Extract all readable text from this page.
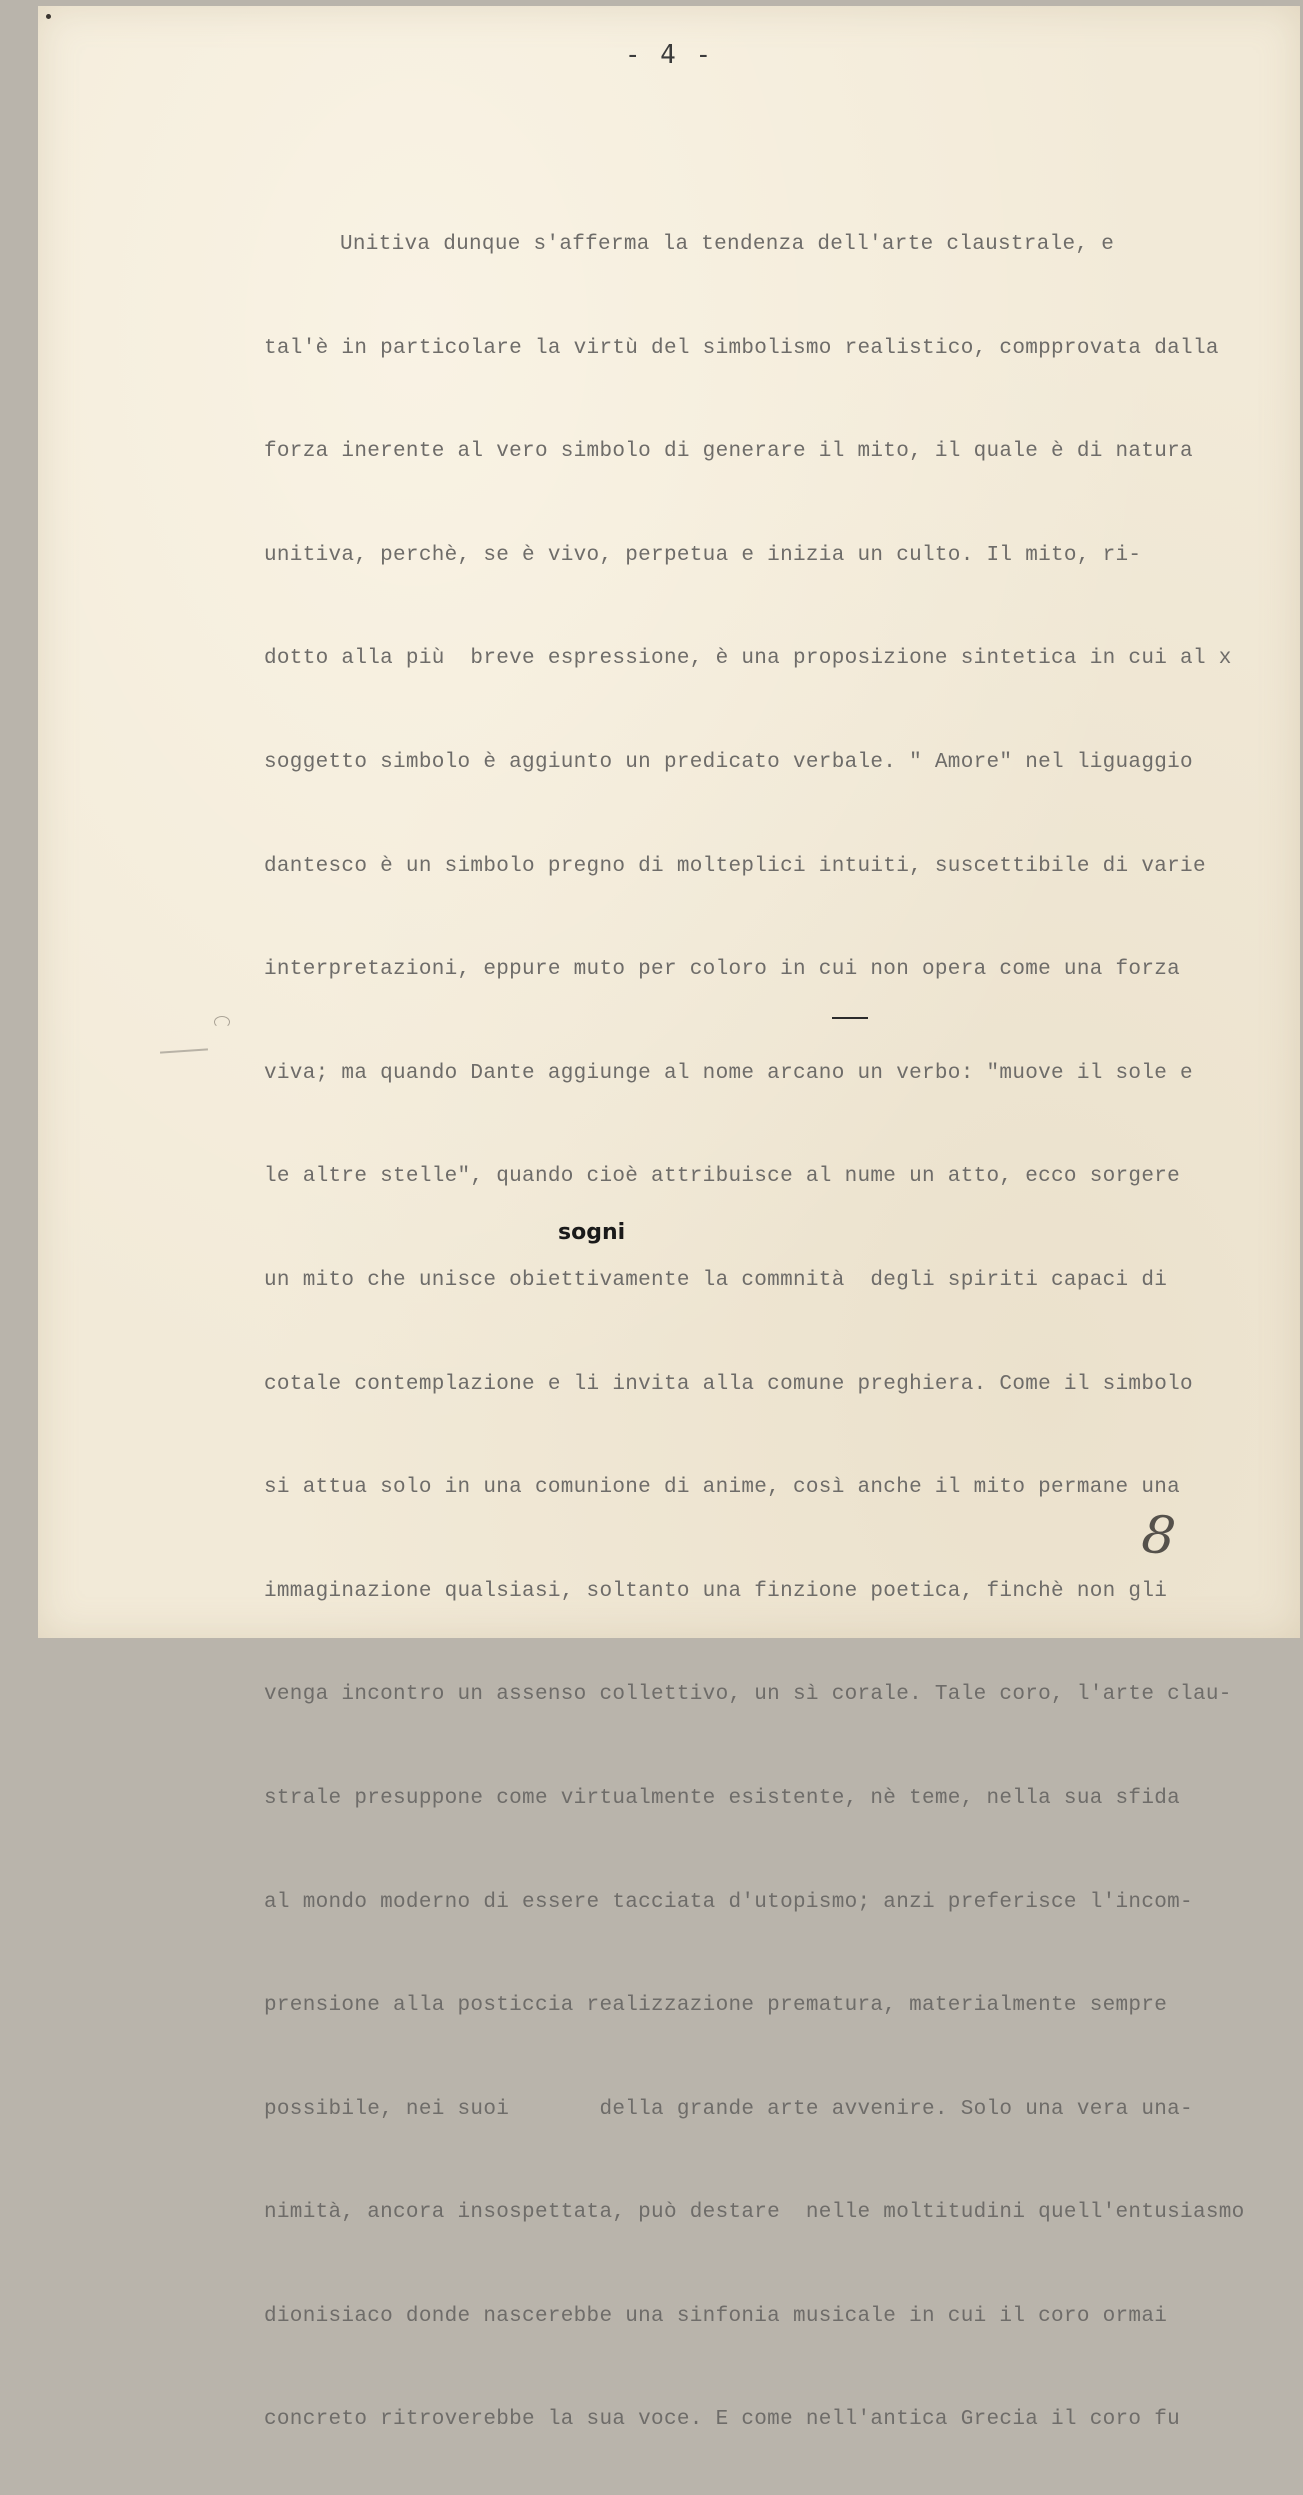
- 4 -

Unitiva dunque s'afferma la tendenza dell'arte claustrale, e

tal'è in particolare la virtù del simbolismo realistico, compprovata dalla

forza inerente al vero simbolo di generare il mito, il quale è di natura

unitiva, perchè, se è vivo, perpetua e inizia un culto. Il mito, ri-

dotto alla più  breve espressione, è una proposizione sintetica in cui al x

soggetto simbolo è aggiunto un predicato verbale. " Amore" nel liguaggio

dantesco è un simbolo pregno di molteplici intuiti, suscettibile di varie

interpretazioni, eppure muto per coloro in cui non opera come una forza

viva; ma quando Dante aggiunge al nome arcano un verbo: "muove il sole e

le altre stelle", quando cioè attribuisce al nume un atto, ecco sorgere

un mito che unisce obiettivamente la commnità  degli spiriti capaci di

cotale contemplazione e li invita alla comune preghiera. Come il simbolo

si attua solo in una comunione di anime, così anche il mito permane una

immaginazione qualsiasi, soltanto una finzione poetica, finchè non gli

venga incontro un assenso collettivo, un sì corale. Tale coro, l'arte clau-

strale presuppone come virtualmente esistente, nè teme, nella sua sfida

al mondo moderno di essere tacciata d'utopismo; anzi preferisce l'incom-

prensione alla posticcia realizzazione prematura, materialmente sempre

possibile, nei suoi       della grande arte avvenire. Solo una vera una-

nimità, ancora insospettata, può destare  nelle moltitudini quell'entusiasmo

dionisiaco donde nascerebbe una sinfonia musicale in cui il coro ormai

concreto ritroverebbe la sua voce. E come nell'antica Grecia il coro fu

sogni
8
